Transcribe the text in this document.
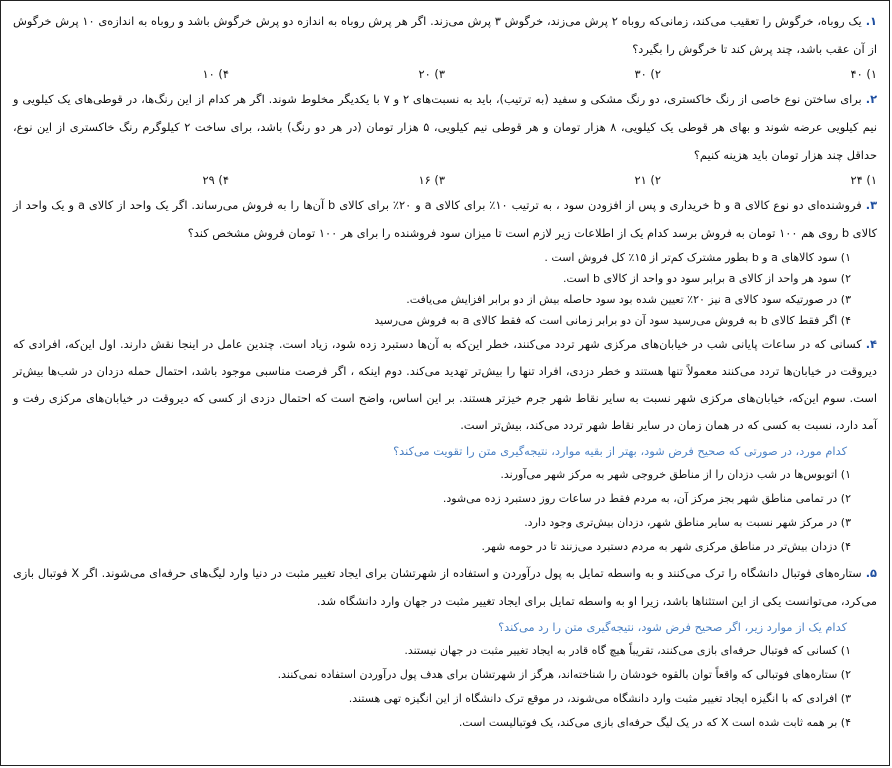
۱.یک روباه، خرگوش را تعقیب می‌کند، زمانی‌که روباه ۲ پرش می‌زند، خرگوش ۳ پرش می‌زند. اگر هر پرش روباه به اندازه دو پرش خرگوش باشد و روباه به اندازه‌ی ۱۰ پرش خرگوش از آن عقب باشد، چند پرش کند تا خرگوش را بگیرد؟

۱) ۴۰
۲) ۳۰
۳) ۲۰
۴) ۱۰

۲.برای ساختن نوع خاصی از رنگ خاکستری، دو رنگ مشکی و سفید (به ترتیب)، باید به نسبت‌های ۲ و ۷ با یکدیگر مخلوط شوند. اگر هر کدام از این رنگ‌ها، در قوطی‌های یک کیلویی و نیم کیلویی عرضه شوند و بهای هر قوطی یک کیلویی، ۸ هزار تومان و هر قوطی نیم کیلویی، ۵ هزار تومان (در هر دو رنگ) باشد، برای ساخت ۲ کیلوگرم رنگ خاکستری از این نوع، حداقل چند هزار تومان باید هزینه کنیم؟

۱) ۲۴
۲) ۲۱
۳) ۱۶
۴) ۲۹

۳.فروشنده‌ای دو نوع کالای a و b خریداری و پس از افزودن سود ، به ترتیب ۱۰٪ برای کالای a و ۲۰٪ برای کالای b آن‌ها را به فروش می‌رساند. اگر یک واحد از کالای a و یک واحد از کالای b روی هم ۱۰۰ تومان به فروش برسد کدام یک از اطلاعات زیر لازم است تا میزان سود فروشنده را برای هر ۱۰۰ تومان فروش مشخص کند؟

۱) سود کالاهای a و b بطور مشترک کم‌تر از ۱۵٪ کل فروش است .
۲) سود هر واحد از کالای a برابر سود دو واحد از کالای b است.
۳) در صورتیکه سود کالای a نیز ۲۰٪ تعیین شده بود سود حاصله بیش از دو برابر افزایش می‌یافت.
۴) اگر فقط کالای b به فروش می‌رسید سود آن دو برابر زمانی است که فقط کالای a به فروش می‌رسید

۴.کسانی که در ساعات پایانی شب در خیابان‌های مرکزی شهر تردد می‌کنند، خطر این‌که به آن‌ها دستبرد زده شود، زیاد است. چندین عامل در اینجا نقش دارند. اول این‌که، افرادی که دیروقت در خیابان‌ها تردد می‌کنند معمولاً تنها هستند و خطر دزدی، افراد تنها را بیش‌تر تهدید می‌کند. دوم اینکه ، اگر فرصت مناسبی موجود باشد، احتمال حمله دزدان در شب‌ها بیش‌تر است. سوم این‌که، خیابان‌های مرکزی شهر نسبت به سایر نقاط شهر جرم خیزتر هستند. بر این اساس، واضح است که احتمال دزدی از کسی که دیروقت در خیابان‌های مرکزی رفت و آمد دارد، نسبت به کسی که در همان زمان در سایر نقاط شهر تردد می‌کند، بیش‌تر است.

کدام مورد، در صورتی که صحیح فرض شود، بهتر از بقیه موارد، نتیجه‌گیری متن را تقویت می‌کند؟

۱) اتوبوس‌ها در شب دزدان را از مناطق خروجی شهر به مرکز شهر می‌آورند.
۲) در تمامی مناطق شهر بجز مرکز آن، به مردم فقط در ساعات روز دستبرد زده می‌شود.
۳) در مرکز شهر نسبت به سایر مناطق شهر، دزدان بیش‌تری وجود دارد.
۴) دزدان بیش‌تر در مناطق مرکزی شهر به مردم دستبرد می‌زنند تا در حومه شهر.

۵.ستاره‌های فوتبال دانشگاه را ترک می‌کنند و به واسطه تمایل به پول درآوردن و استفاده از شهرتشان برای ایجاد تغییر مثبت در دنیا وارد لیگ‌های حرفه‌ای می‌شوند. اگر X فوتبال بازی می‌کرد، می‌توانست یکی از این استثناها باشد، زیرا او به واسطه تمایل برای ایجاد تغییر مثبت در جهان وارد دانشگاه شد.

کدام یک از موارد زیر، اگر صحیح فرض شود، نتیجه‌گیری متن را رد می‌کند؟

۱) کسانی که فوتبال حرفه‌ای بازی می‌کنند، تقریباً هیچ گاه قادر به ایجاد تغییر مثبت در جهان نیستند.
۲) ستاره‌های فوتبالی که واقعاً توان بالقوه خودشان را شناخته‌اند، هرگز از شهرتشان برای هدف پول درآوردن استفاده نمی‌کنند.
۳) افرادی که با انگیزه ایجاد تغییر مثبت وارد دانشگاه می‌شوند، در موقع ترک دانشگاه از این انگیزه تهی هستند.
۴) بر همه ثابت شده است X که در یک لیگ حرفه‌ای بازی می‌کند، یک فوتبالیست است.
